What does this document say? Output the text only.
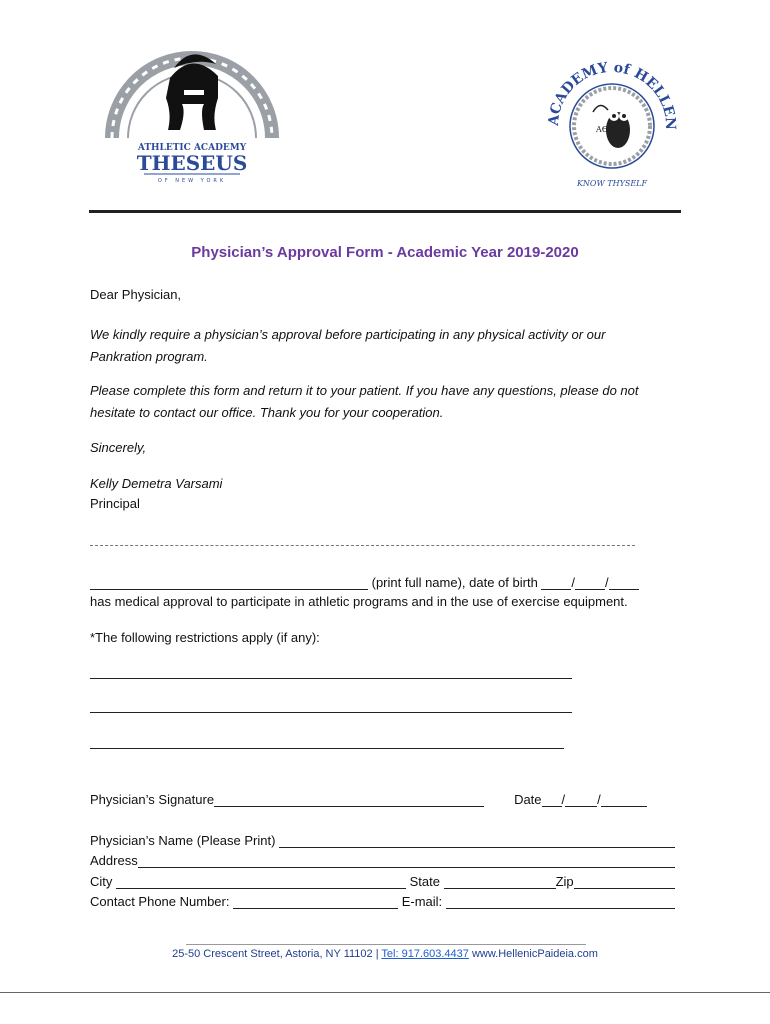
ATHLETIC ACADEMY
THESEUS
OF NEW YORK
ACADEMY of HELLEN
ΑΘΗ
KNOW THYSELF
Physician’s Approval Form - Academic Year 2019-2020
Dear Physician,
We kindly require a physician’s approval before participating in any physical activity or our
Pankration program.
Please complete this form and return it to your patient. If you have any questions, please do not
hesitate to contact our office. Thank you for your cooperation.
Sincerely,
Kelly Demetra Varsami
Principal
(print full name), date of birth / /
has medical approval to participate in athletic programs and in the use of exercise equipment.
*The following restrictions apply (if any):
Physician’s Signature	Date / /
Physician’s Name (Please Print)
Address
City	State	Zip
Contact Phone Number:	E-mail:
25-50 Crescent Street, Astoria, NY 11102 | Tel: 917.603.4437 www.HellenicPaideia.com
